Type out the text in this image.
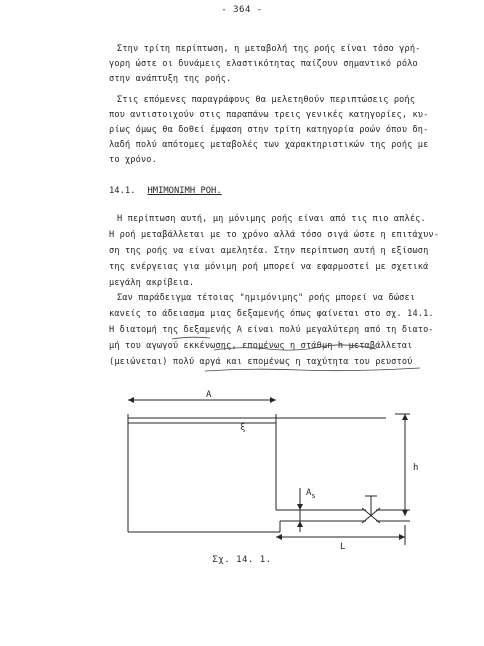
- 364 -
Στην τρίτη περίπτωση, η μεταβολή της ροής είναι τόσο γρή-
γορη ώστε οι δυνάμεις ελαστικότητας παίζουν σημαντικό ρόλο
στην ανάπτυξη της ροής.
Στις επόμενες παραγράφους θα μελετηθούν περιπτώσεις ροής
που αντιστοιχούν στις παραπάνω τρεις γενικές κατηγορίες, κυ-
ρίως όμως θα δοθεί έμφαση στην τρίτη κατηγορία ροών όπου δη-
λαδή πολύ απότομες μεταβολές των χαρακτηριστικών της ροής με
το χρόνο.
14.1. ΗΜΙΜΟΝΙΜΗ ΡΟΗ.
Η περίπτωση αυτή, μη μόνιμης ροής είναι από τις πιο απλές.
Η ροή μεταβάλλεται με το χρόνο αλλά τόσο σιγά ώστε η επιτάχυν-
ση της ροής να είναι αμελητέα. Στην περίπτωση αυτή η εξίσωση
της ενέργειας για μόνιμη ροή μπορεί να εφαρμοστεί με σχετικά
μεγάλη ακρίβεια.
Σαν παράδειγμα τέτοιας "ημιμόνιμης" ροής μπορεί να δώσει
κανείς το άδειασμα μιας δεξαμενής όπως φαίνεται στο σχ. 14.1.
Η διατομή της δεξαμενής Α είναι πολύ μεγαλύτερη από τη διατο-
μή του αγωγού εκκένωσης, επομένως η στάθμη h μεταβάλλεται
(μειώνεται) πολύ αργά και επομένως η ταχύτητα του ρευστού
A
ξ
h
$A_s$
L
Σχ. 14. 1.
